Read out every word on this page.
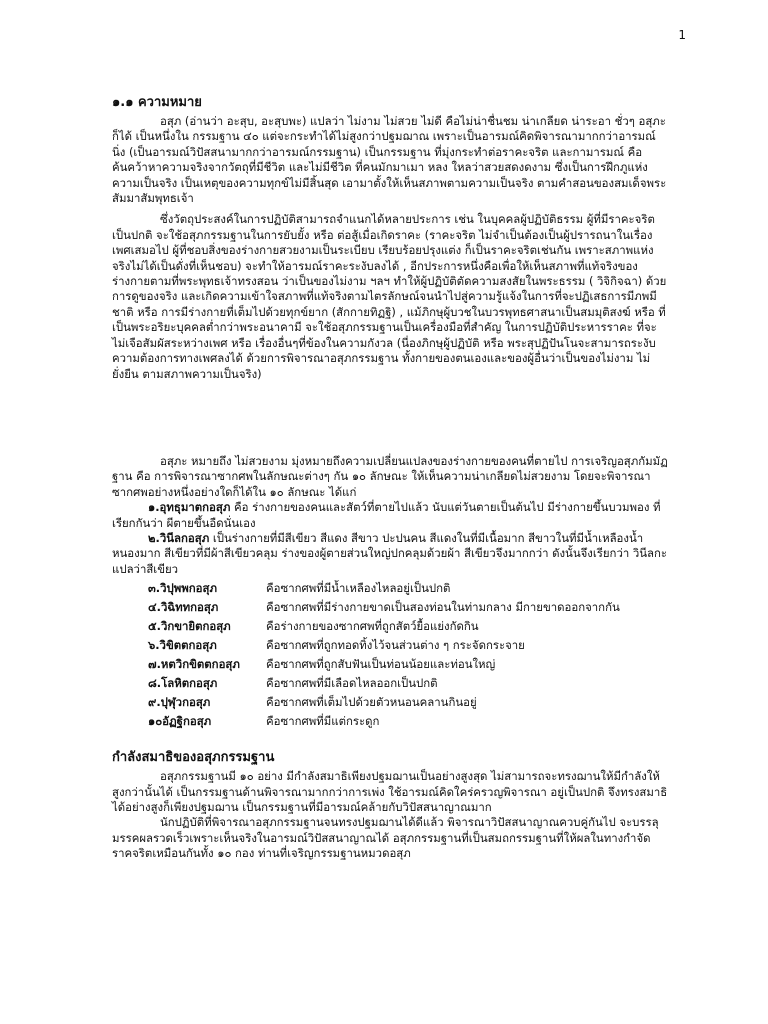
1
๑.๑ ความหมาย

อสุภ (อ่านว่า อะสุบ, อะสุบพะ) แปลว่า ไม่งาม ไม่สวย ไม่ดี คือไม่น่าชื่นชม น่าเกลียด น่าระอา ชั่วๆ อสุภะ ก็ได้ เป็นหนึ่งใน กรรมฐาน ๔๐ แต่จะกระทำได้ไม่สูงกว่าปฐมฌาณ เพราะเป็นอารมณ์คิดพิจารณามากกว่าอารมณ์นิ่ง (เป็นอารมณ์วิปัสสนามากกว่าอารมณ์กรรมฐาน) เป็นกรรมฐาน ที่มุ่งกระทำต่อราคะจริต และกามารมณ์ คือ ค้นคว้าหาความจริงจากวัตถุที่มีชีวิต และไม่มีชีวิต ที่คนมักมาเมา หลง ใหลว่าสวยสดงดงาม ซึ่งเป็นการฝึกภูแห่งความเป็นจริง เป็นเหตุของความทุกข์ไม่มีสิ้นสุด เอามาตั้งให้เห็นสภาพตามความเป็นจริง ตามคำสอนของสมเด็จพระสัมมาสัมพุทธเจ้า

ซึ่งวัตถุประสงค์ในการปฏิบัติสามารถจำแนกได้หลายประการ เช่น ในบุคคลผู้ปฏิบัติธรรม ผู้ที่มีราคะจริตเป็นปกติ จะใช้อสุภกรรมฐานในการยับยั้ง หรือ ต่อสู้เมื่อเกิดราคะ (ราคะจริต ไม่จำเป็นต้องเป็นผู้ปรารถนาในเรื่องเพศเสมอไป ผู้ที่ชอบสิ่งของร่างกายสวยงามเป็นระเบียบ เรียบร้อยปรุงแต่ง ก็เป็นราคะจริตเช่นกัน เพราะสภาพแห่งจริงไม่ได้เป็นดั่งที่เห็นชอบ) จะทำให้อารมณ์ราคะระงับลงได้ , อีกประการหนึ่งคือเพื่อให้เห็นสภาพที่แท้จริงของร่างกายตามที่พระพุทธเจ้าทรงสอน ว่าเป็นของไม่งาม ฯลฯ ทำให้ผู้ปฏิบัติตัดความสงสัยในพระธรรม ( วิจิกิจฉา) ด้วยการดูของจริง และเกิดความเข้าใจสภาพที่แท้จริงตามไตรลักษณ์จนนำไปสู่ความรู้แจ้งในการที่จะปฏิเสธการมีภพมีชาติ หรือ การมีร่างกายที่เต็มไปด้วยทุกข์ยาก (สักกายทิฏฐิ) , แม้ภิกษุผู้บวชในบวรพุทธศาสนาเป็นสมมุติสงฆ์ หรือ ที่เป็นพระอริยะบุคคลต่ำกว่าพระอนาคามี จะใช้อสุภกรรมฐานเป็นเครื่องมือที่สำคัญ ในการปฏิบัติประหารราคะ ที่จะไม่เจือสัมผัสระหว่างเพศ หรือ เรื่องอื่นๆที่ข้องในความกังวล (นี่องภิกษุผู้ปฏิบัติ หรือ พระสุปฏิปันโนจะสามารถระงับความต้องการทางเพศลงได้ ด้วยการพิจารณาอสุภกรรมฐาน ทั้งกายของตนเองและของผู้อื่นว่าเป็นของไม่งาม ไม่ยั่งยืน ตามสภาพความเป็นจริง)

อสุภะ หมายถึง ไม่สวยงาม มุ่งหมายถึงความเปลี่ยนแปลงของร่างกายของคนที่ตายไป การเจริญอสุภกัมมัฏฐาน คือ การพิจารณาซากศพในลักษณะต่างๆ กัน ๑๐ ลักษณะ ให้เห็นความน่าเกลียดไม่สวยงาม โดยจะพิจารณาซากศพอย่างหนึ่งอย่างใดก็ได้ใน ๑๐ ลักษณะ ได้แก่

๑.อุทธุมาตกอสุภ คือ ร่างกายของคนและสัตว์ที่ตายไปแล้ว นับแต่วันตายเป็นต้นไป มีร่างกายขึ้นบวมพอง ที่เรียกกันว่า ผีตายขึ้นอืดนั่นเอง

๒.วินีลกอสุภ เป็นร่างกายที่มีสีเขียว สีแดง สีขาว ปะปนคน สีแดงในที่มีเนื้อมาก สีขาวในที่มีน้ำเหลืองน้ำหนองมาก สีเขียวที่มีผ้าสีเขียวคลุม ร่างของผู้ตายส่วนใหญ่ปกคลุมด้วยผ้า สีเขียวจึงมากกว่า ดังนั้นจึงเรียกว่า วินีลกะ แปลว่าสีเขียว

๓.วิปุพพกอสุภ	คือซากศพที่มีน้ำเหลืองไหลอยู่เป็นปกติ
๔.วิฉิททกอสุภ	คือซากศพที่มีร่างกายขาดเป็นสองท่อนในท่ามกลาง มีกายขาดออกจากกัน
๕.วิกขายิตกอสุภ	คือร่างกายของซากศพที่ถูกสัตว์ยื้อแย่งกัดกิน
๖.วิขิตตกอสุภ	คือซากศพที่ถูกทอดทิ้งไว้จนส่วนต่าง ๆ กระจัดกระจาย
๗.หตวิกขิตตกอสุภ	คือซากศพที่ถูกสับฟันเป็นท่อนน้อยและท่อนใหญ่
๘.โลหิตกอสุภ	คือซากศพที่มีเลือดไหลออกเป็นปกติ
๙.ปุฬุวกอสุภ	คือซากศพที่เต็มไปด้วยตัวหนอนคลานกินอยู่
๑๐อัฏฐิกอสุภ	คือซากศพที่มีแต่กระดูก
กำลังสมาธิของอสุภกรรมฐาน

อสุภกรรมฐานมี ๑๐ อย่าง มีกำลังสมาธิเพียงปฐมฌานเป็นอย่างสูงสุด ไม่สามารถจะทรงฌานให้มีกำลังให้สูงกว่านั้นได้ เป็นกรรมฐานด้านพิจารณามากกว่าการเพ่ง ใช้อารมณ์คิดใคร่ครวญพิจารณา อยู่เป็นปกติ จึงทรงสมาธิได้อย่างสูงก็เพียงปฐมฌาน เป็นกรรมฐานที่มีอารมณ์คล้ายกับวิปัสสนาญาณมาก

นักปฏิบัติที่พิจารณาอสุภกรรมฐานจนทรงปฐมฌานได้ดีแล้ว พิจารณาวิปัสสนาญาณควบคู่กันไป จะบรรลุมรรคผลรวดเร็วเพราะเห็นจริงในอารมณ์วิปัสสนาญาณได้ อสุภกรรมฐานที่เป็นสมถกรรมฐานที่ให้ผลในทางกำจัดราคจริตเหมือนกันทั้ง ๑๐ กอง ท่านที่เจริญกรรมฐานหมวดอสุภ
